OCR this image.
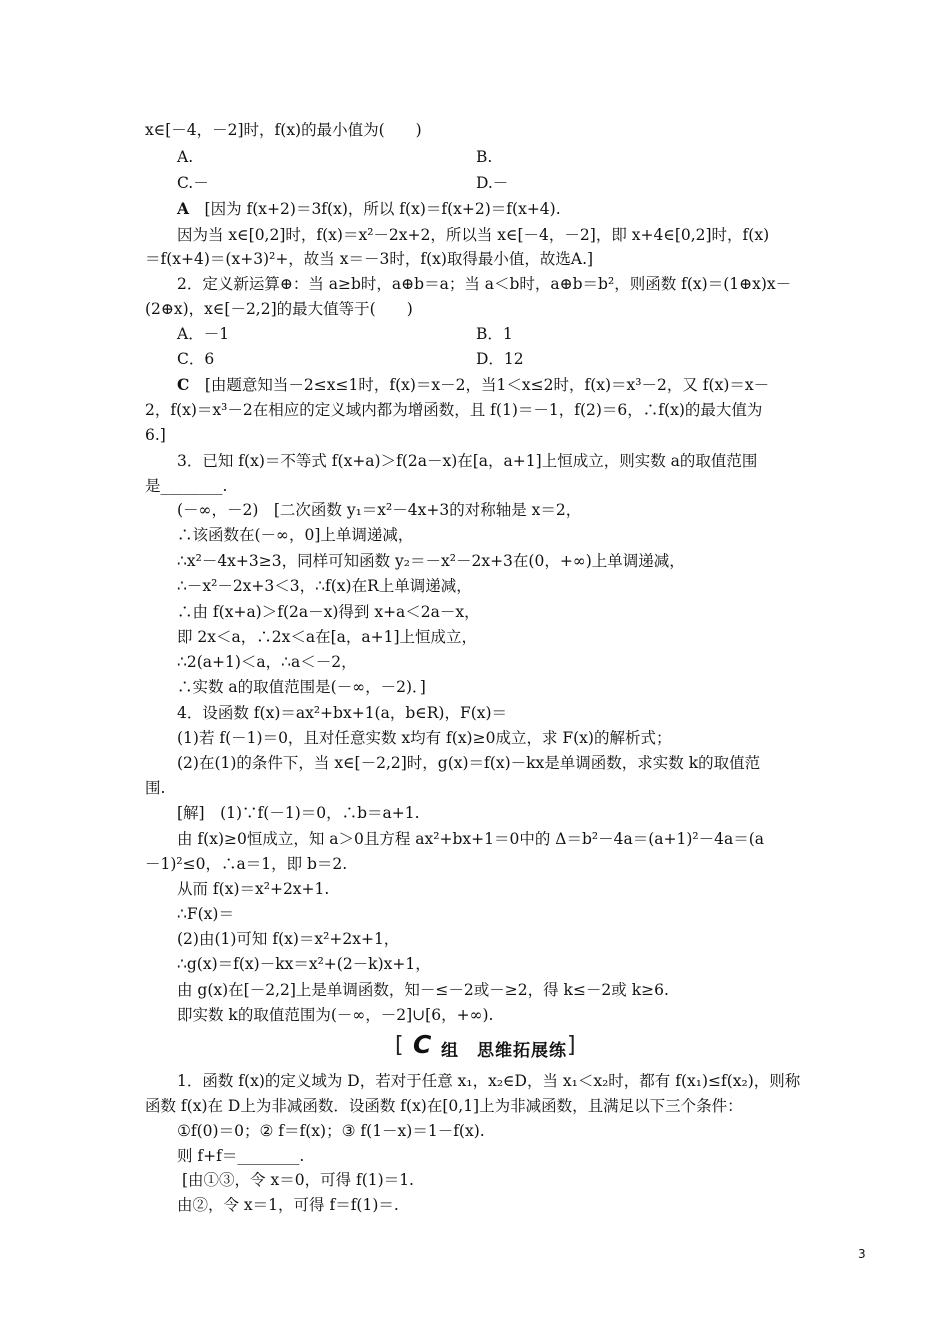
x∈[－4，－2]时，f(x)的最小值为(　　)
A.	B.
C.－	D.－
A　 [因为 f(x+2)＝3f(x)，所以 f(x)＝f(x+2)＝f(x+4).
因为当 x∈[0,2]时，f(x)＝x²－2x+2，所以当 x∈[－4，－2]，即 x+4∈[0,2]时，f(x)
＝f(x+4)＝(x+3)²+，故当 x＝－3时，f(x)取得最小值，故选A.]
2．定义新运算⊕：当 a≥b时，a⊕b＝a；当 a＜b时，a⊕b＝b²，则函数 f(x)＝(1⊕x)x－
(2⊕x)，x∈[－2,2]的最大值等于(　　)
A．－1	B．1
C．6	D．12
C　 [由题意知当－2≤x≤1时，f(x)＝x－2，当1＜x≤2时，f(x)＝x³－2，又 f(x)＝x－
2，f(x)＝x³－2在相应的定义域内都为增函数，且 f(1)＝－1，f(2)＝6，∴f(x)的最大值为
6.]
3．已知 f(x)＝不等式 f(x+a)＞f(2a－x)在[a，a+1]上恒成立，则实数 a的取值范围
是________.
(－∞，－2)　[二次函数 y₁＝x²－4x+3的对称轴是 x＝2，
∴该函数在(－∞，0]上单调递减，
∴x²－4x+3≥3，同样可知函数 y₂＝－x²－2x+3在(0，+∞)上单调递减，
∴－x²－2x+3＜3，∴f(x)在R上单调递减，
∴由 f(x+a)＞f(2a－x)得到 x+a＜2a－x，
即 2x＜a，∴2x＜a在[a，a+1]上恒成立，
∴2(a+1)＜a，∴a＜－2，
∴实数 a的取值范围是(－∞，－2)．]
4．设函数 f(x)＝ax²+bx+1(a，b∈R)，F(x)＝
(1)若 f(－1)＝0，且对任意实数 x均有 f(x)≥0成立，求 F(x)的解析式；
(2)在(1)的条件下，当 x∈[－2,2]时，g(x)＝f(x)－kx是单调函数，求实数 k的取值范
围.
[解]　(1)∵f(－1)＝0，∴b＝a+1.
由 f(x)≥0恒成立，知 a＞0且方程 ax²+bx+1＝0中的 Δ＝b²－4a＝(a+1)²－4a＝(a
－1)²≤0，∴a＝1，即 b＝2.
从而 f(x)＝x²+2x+1.
∴F(x)＝
(2)由(1)可知 f(x)＝x²+2x+1，
∴g(x)＝f(x)－kx＝x²+(2－k)x+1，
由 g(x)在[－2,2]上是单调函数，知－≤－2或－≥2，得 k≤－2或 k≥6.
即实数 k的取值范围为(－∞，－2]∪[6，+∞).
[ C 组　思维拓展练 ]
1．函数 f(x)的定义域为 D，若对于任意 x₁，x₂∈D，当 x₁＜x₂时，都有 f(x₁)≤f(x₂)，则称
函数 f(x)在 D上为非减函数．设函数 f(x)在[0,1]上为非减函数，且满足以下三个条件：
①f(0)＝0；② f＝f(x)；③ f(1－x)＝1－f(x).
则 f+f＝________.
[由①③，令 x＝0，可得 f(1)＝1.
由②，令 x＝1，可得 f＝f(1)＝.
3
